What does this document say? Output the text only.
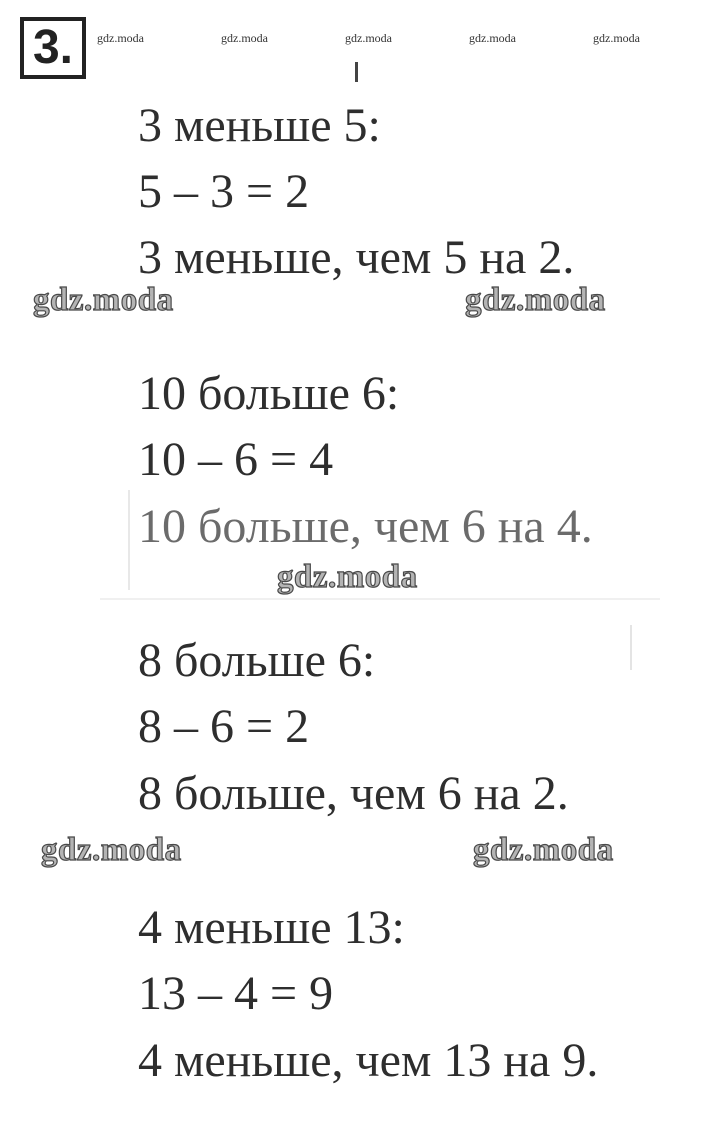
3. gdz.moda	gdz.moda	gdz.moda	gdz.moda	gdz.moda
3 меньше 5:
5 – 3 = 2
3 меньше, чем 5 на 2.
gdz.moda	gdz.moda
10 больше 6:
10 – 6 = 4
10 больше, чем 6 на 4.
gdz.moda
8 больше 6:
8 – 6 = 2
8 больше, чем 6 на 2.
gdz.moda	gdz.moda
4 меньше 13:
13 – 4 = 9
4 меньше, чем 13 на 9.
